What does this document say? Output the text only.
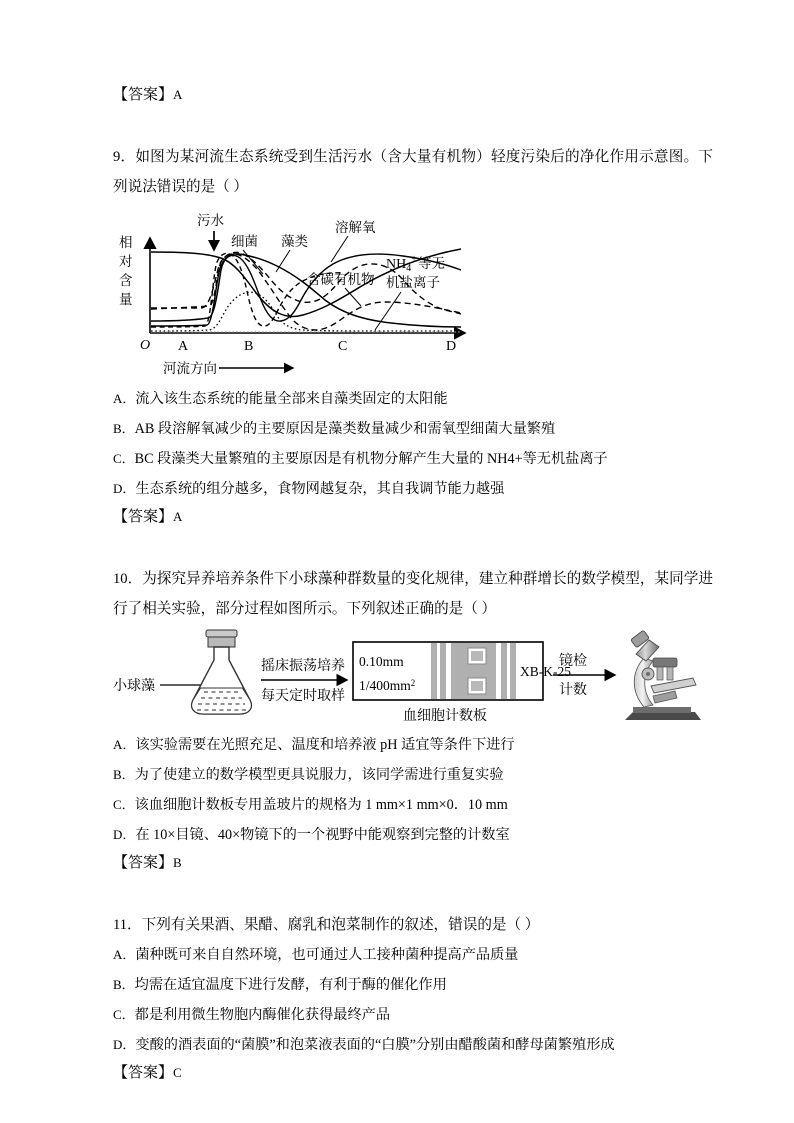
【答案】A

9．如图为某河流生态系统受到生活污水（含大量有机物）轻度污染后的净化作用示意图。下列说法错误的是（ ）

相
对
含
量
O A	B	C	D
河流方向
污水
细菌 藻类
溶解氧
含碳有机物
$NH_4^+$ 等无
机盐离子

A．流入该生态系统的能量全部来自藻类固定的太阳能

B．AB 段溶解氧减少的主要原因是藻类数量减少和需氧型细菌大量繁殖

C．BC 段藻类大量繁殖的主要原因是有机物分解产生大量的 NH4+等无机盐离子

D．生态系统的组分越多，食物网越复杂，其自我调节能力越强

【答案】A

10．为探究异养培养条件下小球藻种群数量的变化规律，建立种群增长的数学模型，某同学进行了相关实验，部分过程如图所示。下列叙述正确的是（ ）

小球藻
摇床振荡培养
每天定时取样
0.10mm
$1/400mm^2$
XB-K-25
血细胞计数板
镜检
计数

A．该实验需要在光照充足、温度和培养液 pH 适宜等条件下进行

B．为了使建立的数学模型更具说服力，该同学需进行重复实验

C．该血细胞计数板专用盖玻片的规格为 1 mm×1 mm×0．10 mm

D．在 10×目镜、40×物镜下的一个视野中能观察到完整的计数室

【答案】B

11．下列有关果酒、果醋、腐乳和泡菜制作的叙述，错误的是（ ）

A．菌种既可来自自然环境，也可通过人工接种菌种提高产品质量

B．均需在适宜温度下进行发酵，有利于酶的催化作用

C．都是利用微生物胞内酶催化获得最终产品

D．变酸的酒表面的“菌膜”和泡菜液表面的“白膜”分别由醋酸菌和酵母菌繁殖形成

【答案】C
